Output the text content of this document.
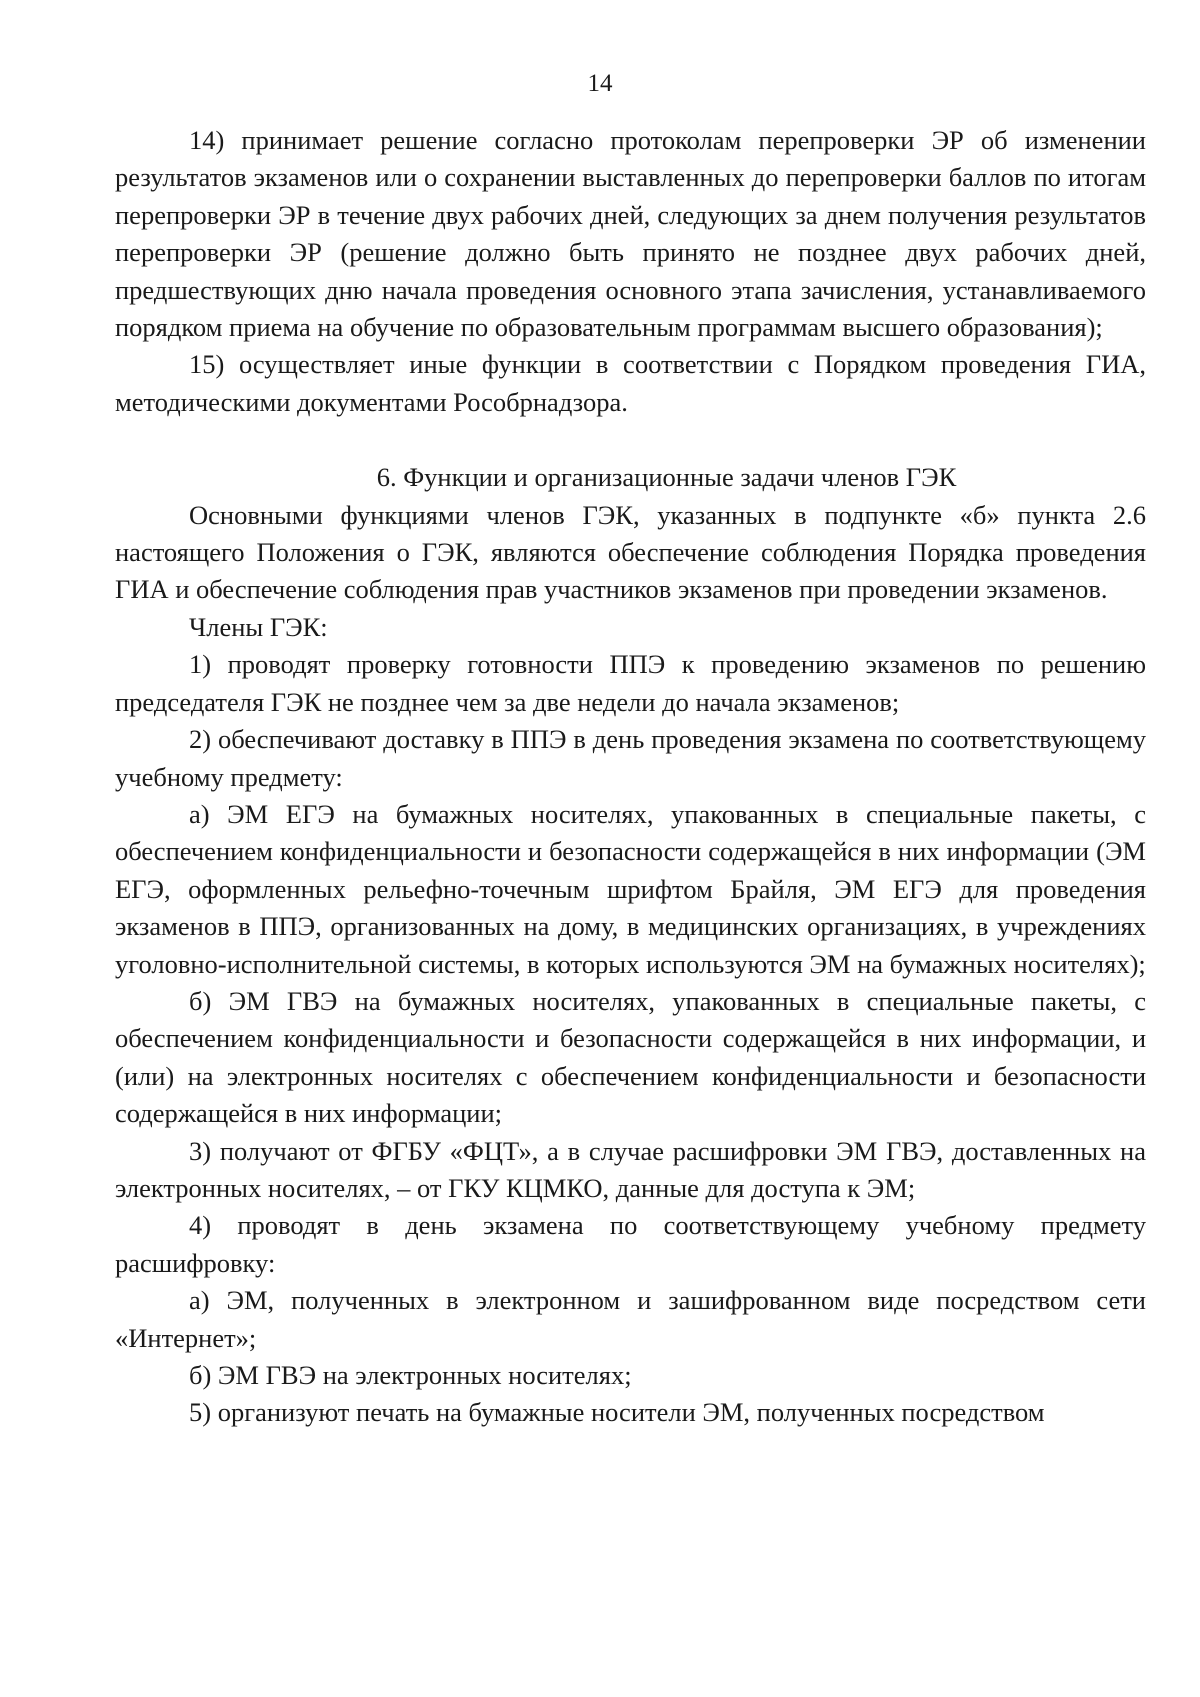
14

14) принимает решение согласно протоколам перепроверки ЭР об изменении результатов экзаменов или о сохранении выставленных до перепроверки баллов по итогам перепроверки ЭР в течение двух рабочих дней, следующих за днем получения результатов перепроверки ЭР (решение должно быть принято не позднее двух рабочих дней, предшествующих дню начала проведения основного этапа зачисления, устанавливаемого порядком приема на обучение по образовательным программам высшего образования);

15) осуществляет иные функции в соответствии с Порядком проведения ГИА, методическими документами Рособрнадзора.

6. Функции и организационные задачи членов ГЭК

Основными функциями членов ГЭК, указанных в подпункте «б» пункта 2.6 настоящего Положения о ГЭК, являются обеспечение соблюдения Порядка проведения ГИА и обеспечение соблюдения прав участников экзаменов при проведении экзаменов.

Члены ГЭК:

1) проводят проверку готовности ППЭ к проведению экзаменов по решению председателя ГЭК не позднее чем за две недели до начала экзаменов;

2) обеспечивают доставку в ППЭ в день проведения экзамена по соответствующему учебному предмету:

а) ЭМ ЕГЭ на бумажных носителях, упакованных в специальные пакеты, с обеспечением конфиденциальности и безопасности содержащейся в них информации (ЭМ ЕГЭ, оформленных рельефно-точечным шрифтом Брайля, ЭМ ЕГЭ для проведения экзаменов в ППЭ, организованных на дому, в медицинских организациях, в учреждениях уголовно-исполнительной системы, в которых используются ЭМ на бумажных носителях);

б) ЭМ ГВЭ на бумажных носителях, упакованных в специальные пакеты, с обеспечением конфиденциальности и безопасности содержащейся в них информации, и (или) на электронных носителях с обеспечением конфиденциальности и безопасности содержащейся в них информации;

3) получают от ФГБУ «ФЦТ», а в случае расшифровки ЭМ ГВЭ, доставленных на электронных носителях, – от ГКУ КЦМКО, данные для доступа к ЭМ;

4) проводят в день экзамена по соответствующему учебному предмету расшифровку:

а) ЭМ, полученных в электронном и зашифрованном виде посредством сети «Интернет»;

б) ЭМ ГВЭ на электронных носителях;

5) организуют печать на бумажные носители ЭМ, полученных посредством
